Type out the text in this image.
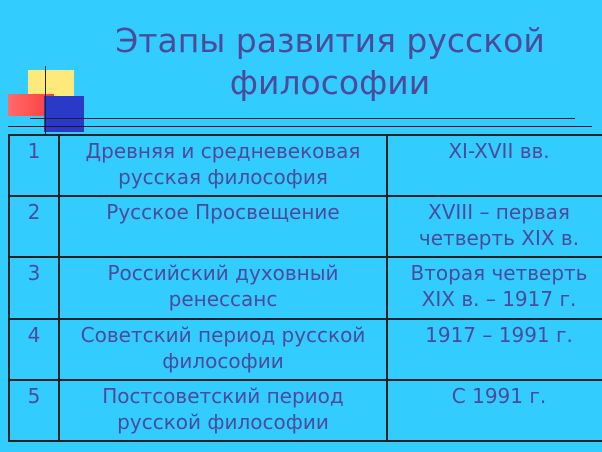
Этапы развития русской
философии
1	Древняя и средневековая русская философия	XI-XVII вв.
2	Русское Просвещение	XVIII – первая четверть XIX в.
3	Российский духовный ренессанс	Вторая четверть XIX в. – 1917 г.
4	Советский период русской философии	1917 – 1991 г.
5	Постсоветский период русской философии	С 1991 г.
